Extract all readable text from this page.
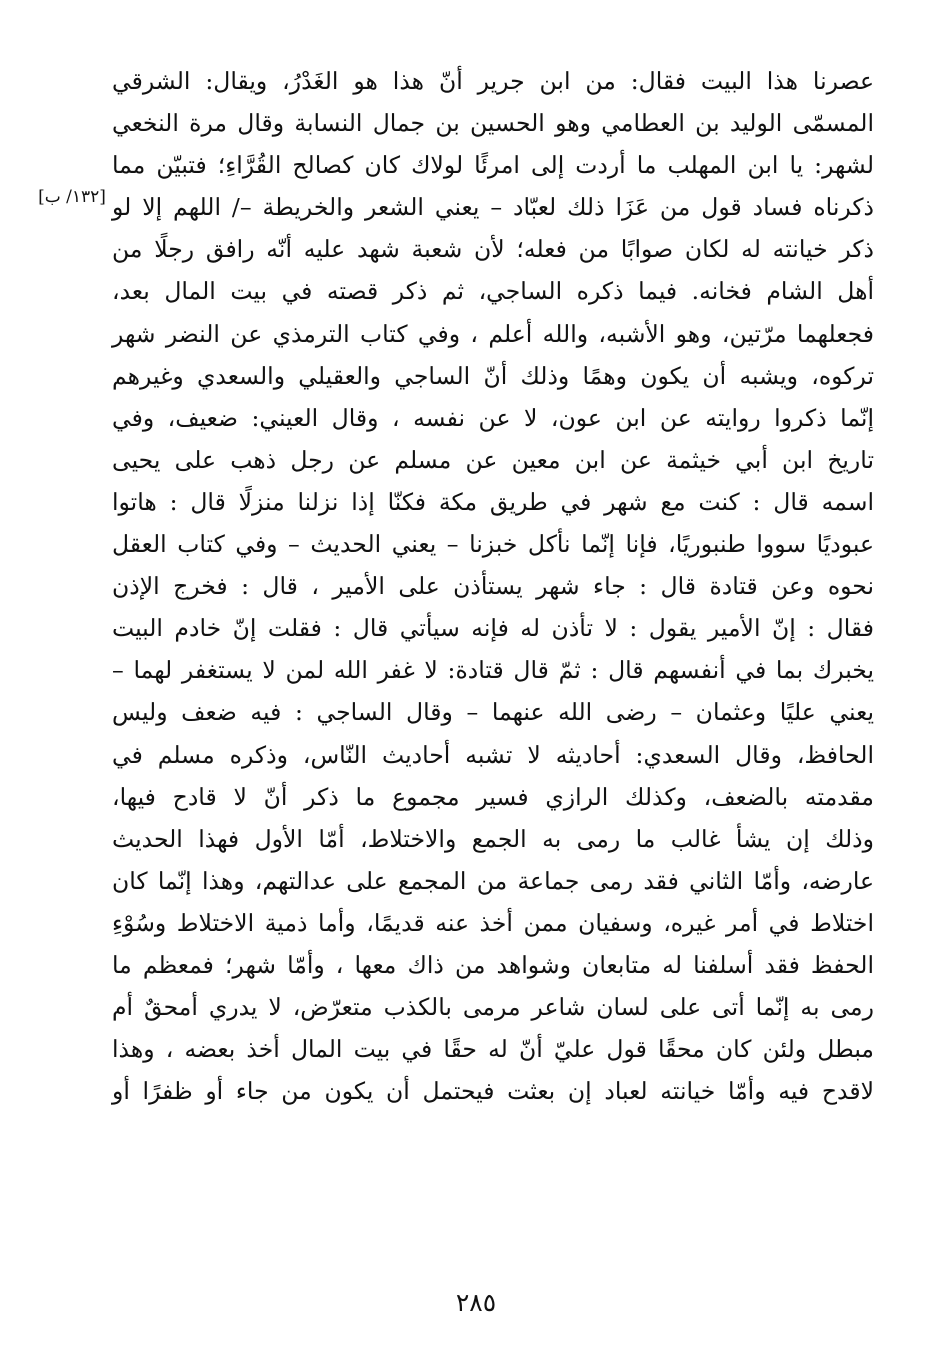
[١٣٢/ ب]
عصرنا هذا البيت فقال: من ابن جرير أنّ هذا هو الغَدْرُ، ويقال: الشرقي
المسمّى الوليد بن العطامي وهو الحسين بن جمال النسابة وقال مرة النخعي
لشهر: يا ابن المهلب ما أردت إلى امرئًا لولاك كان كصالح القُرَّاءِ؛ فتبيّن مما
ذكرناه فساد قول من عَزَا ذلك لعبّاد – يعني الشعر والخريطة –/ اللهم إلا لو
ذكر خيانته له لكان صوابًا من فعله؛ لأن شعبة شهد عليه أنّه رافق رجلًا من
أهل الشام فخانه. فيما ذكره الساجي، ثم ذكر قصته في بيت المال بعد،
فجعلهما مرّتين، وهو الأشبه، والله أعلم ، وفي كتاب الترمذي عن النضر شهر
تركوه، ويشبه أن يكون وهمًا وذلك أنّ الساجي والعقيلي والسعدي وغيرهم
إنّما ذكروا روايته عن ابن عون، لا عن نفسه ، وقال العيني: ضعيف، وفي
تاريخ ابن أبي خيثمة عن ابن معين عن مسلم عن رجل ذهب على يحيى
اسمه قال : كنت مع شهر في طريق مكة فكنّا إذا نزلنا منزلًا قال : هاتوا
عبوديًا سووا طنبوريًا، فإنا إنّما نأكل خبزنا – يعني الحديث – وفي كتاب العقل
نحوه وعن قتادة قال : جاء شهر يستأذن على الأمير ، قال : فخرج الإذن
فقال : إنّ الأمير يقول : لا تأذن له فإنه سيأتي قال : فقلت إنّ خادم البيت
يخبرك بما في أنفسهم قال : ثمّ قال قتادة: لا غفر الله لمن لا يستغفر لهما –
يعني عليًا وعثمان – رضى الله عنهما – وقال الساجي : فيه ضعف وليس
الحافظ، وقال السعدي: أحاديثه لا تشبه أحاديث النّاس، وذكره مسلم في
مقدمته بالضعف، وكذلك الرازي فسير مجموع ما ذكر أنّ لا قادح فيها،
وذلك إن يشأ غالب ما رمى به الجمع والاختلاط، أمّا الأول فهذا الحديث
عارضه، وأمّا الثاني فقد رمى جماعة من المجمع على عدالتهم، وهذا إنّما كان
اختلاط في أمر غيره، وسفيان ممن أخذ عنه قديمًا، وأما ذمية الاختلاط وسُوْءِ
الحفظ فقد أسلفنا له متابعان وشواهد من ذاك معها ، وأمّا شهر؛ فمعظم ما
رمى به إنّما أتى على لسان شاعر مرمى بالكذب متعرّض، لا يدري أمحقٌ أم
مبطل ولئن كان محقًا قول عليّ أنّ له حقًا في بيت المال أخذ بعضه ، وهذا
لاقدح فيه وأمّا خيانته لعباد إن بعثت فيحتمل أن يكون من جاء أو ظفرًا أو
٢٨٥
